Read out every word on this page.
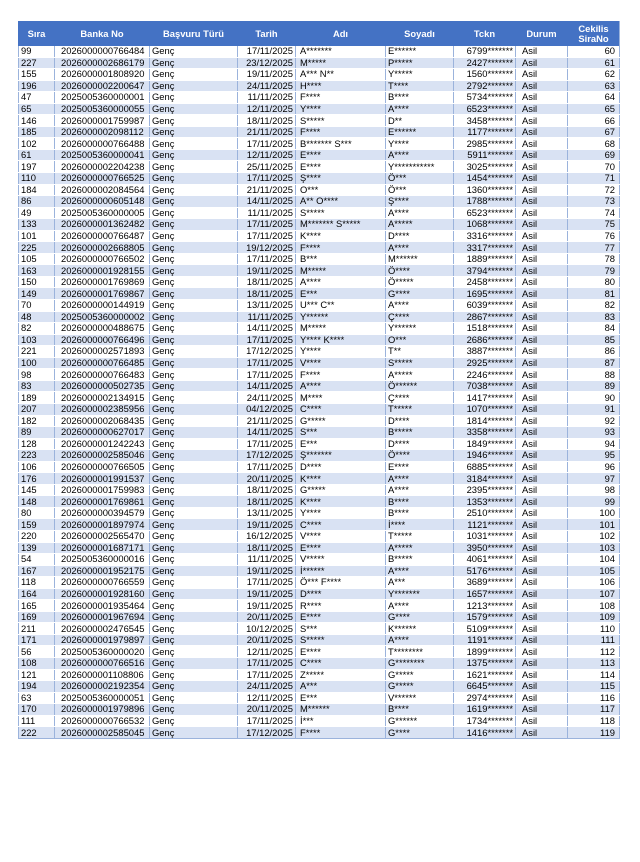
Sıra	Banka No	Başvuru Türü	Tarih	Adı	Soyadı	Tckn	Durum	Cekilis
SiraNo
99	2026000000766484	Genç	17/11/2025	A*******	E******	6799*******	Asil	60
227	2026000002686179	Genç	23/12/2025	M*****	P*****	2427*******	Asil	61
155	2026000001808920	Genç	19/11/2025	A*** N**	Y*****	1560*******	Asil	62
196	2026000002200647	Genç	24/11/2025	H****	T****	2792*******	Asil	63
47	2025005360000001	Genç	11/11/2025	F****	B****	5734*******	Asil	64
65	2025005360000055	Genç	12/11/2025	Y****	A****	6523*******	Asil	65
146	2026000001759987	Genç	18/11/2025	S*****	D**	3458*******	Asil	66
185	2026000002098112	Genç	21/11/2025	F****	E******	1177*******	Asil	67
102	2026000000766488	Genç	17/11/2025	B******* S***	Y****	2985*******	Asil	68
61	2025005360000041	Genç	12/11/2025	E****	A****	5911*******	Asil	69
197	2026000002204238	Genç	25/11/2025	E****	Y***********	3025*******	Asil	70
110	2026000000766525	Genç	17/11/2025	Ş****	Ö***	1454*******	Asil	71
184	2026000002084564	Genç	21/11/2025	O***	Ö***	1360*******	Asil	72
86	2026000000605148	Genç	14/11/2025	A** O****	Ş****	1788*******	Asil	73
49	2025005360000005	Genç	11/11/2025	S*****	A****	6523*******	Asil	74
133	2026000001362482	Genç	17/11/2025	M******* S*****	A*****	1068*******	Asil	75
101	2026000000766487	Genç	17/11/2025	K****	D****	3316*******	Asil	76
225	2026000002668805	Genç	19/12/2025	F****	A****	3317*******	Asil	77
105	2026000000766502	Genç	17/11/2025	B***	M******	1889*******	Asil	78
163	2026000001928155	Genç	19/11/2025	M*****	Ö****	3794*******	Asil	79
150	2026000001769869	Genç	18/11/2025	A****	Ö*****	2458*******	Asil	80
149	2026000001769867	Genç	18/11/2025	E***	G****	1695*******	Asil	81
70	2026000000144919	Genç	13/11/2025	U*** C**	A****	6039*******	Asil	82
48	2025005360000002	Genç	11/11/2025	Y******	Ç****	2867*******	Asil	83
82	2026000000488675	Genç	14/11/2025	M*****	Y******	1518*******	Asil	84
103	2026000000766496	Genç	17/11/2025	Y**** K****	O***	2686*******	Asil	85
221	2026000002571893	Genç	17/12/2025	Y****	T**	3887*******	Asil	86
100	2026000000766485	Genç	17/11/2025	V****	S*****	2925*******	Asil	87
98	2026000000766483	Genç	17/11/2025	F****	A*****	2246*******	Asil	88
83	2026000000502735	Genç	14/11/2025	A****	Ö******	7038*******	Asil	89
189	2026000002134915	Genç	24/11/2025	M****	Ç****	1417*******	Asil	90
207	2026000002385956	Genç	04/12/2025	C****	T*****	1070*******	Asil	91
182	2026000002068435	Genç	21/11/2025	G*****	D****	1814*******	Asil	92
89	2026000000627017	Genç	14/11/2025	S***	B*****	3358*******	Asil	93
128	2026000001242243	Genç	17/11/2025	E***	D****	1849*******	Asil	94
223	2026000002585046	Genç	17/12/2025	Ş*******	Ö****	1946*******	Asil	95
106	2026000000766505	Genç	17/11/2025	D****	E****	6885*******	Asil	96
176	2026000001991537	Genç	20/11/2025	K****	A****	3184*******	Asil	97
145	2026000001759983	Genç	18/11/2025	G*****	A****	2395*******	Asil	98
148	2026000001769861	Genç	18/11/2025	K****	B****	1353*******	Asil	99
80	2026000000394579	Genç	13/11/2025	Y****	B****	2510*******	Asil	100
159	2026000001897974	Genç	19/11/2025	C****	İ****	1121*******	Asil	101
220	2026000002565470	Genç	16/12/2025	V****	T*****	1031*******	Asil	102
139	2026000001687171	Genç	18/11/2025	E****	A*****	3950*******	Asil	103
54	2025005360000016	Genç	11/11/2025	V*****	B*****	4061*******	Asil	104
167	2026000001952175	Genç	19/11/2025	İ******	A****	5176*******	Asil	105
118	2026000000766559	Genç	17/11/2025	Ö*** F****	A***	3689*******	Asil	106
164	2026000001928160	Genç	19/11/2025	D****	Y*******	1657*******	Asil	107
165	2026000001935464	Genç	19/11/2025	R****	A****	1213*******	Asil	108
169	2026000001967694	Genç	20/11/2025	E****	G****	1579*******	Asil	109
211	2026000002476545	Genç	10/12/2025	S***	K******	5109*******	Asil	110
171	2026000001979897	Genç	20/11/2025	S*****	A****	1191*******	Asil	111
56	2025005360000020	Genç	12/11/2025	E****	T********	1899*******	Asil	112
108	2026000000766516	Genç	17/11/2025	C****	G********	1375*******	Asil	113
121	2026000001108806	Genç	17/11/2025	Z*****	G*****	1621*******	Asil	114
194	2026000002192354	Genç	24/11/2025	A***	G*****	6645*******	Asil	115
63	2025005360000051	Genç	12/11/2025	E***	V******	2974*******	Asil	116
170	2026000001979896	Genç	20/11/2025	M******	B****	1619*******	Asil	117
111	2026000000766532	Genç	17/11/2025	İ***	G******	1734*******	Asil	118
222	2026000002585045	Genç	17/12/2025	F****	G****	1416*******	Asil	119
